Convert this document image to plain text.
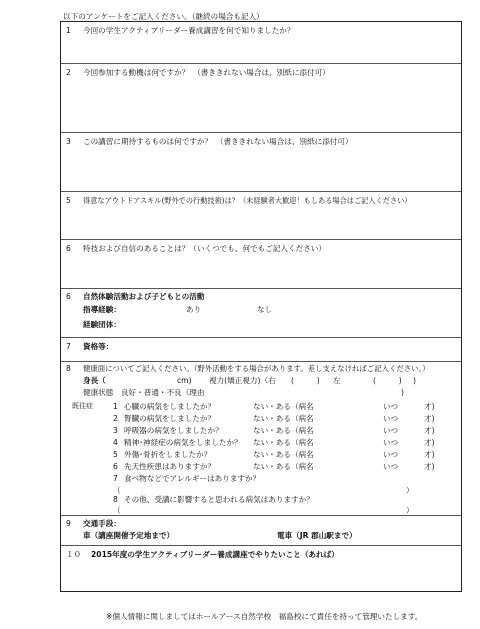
以下のアンケートをご記入ください。（継続の場合も記入）
1 今回の学生アクティブリーダー養成講習を何で知りましたか？
2 今回参加する動機は何ですか？　（書ききれない場合は、別紙に添付可）
3 この講習に期待するものは何ですか？　（書ききれない場合は、別紙に添付可）
5 得意なアウトドアスキル(野外での行動技術)は？（未経験者大歓迎！もしある場合はご記入ください）
6 特技および自信のあることは？（いくつでも、何でもご記入ください）
6 自然体験活動および子どもとの活動
指導経験：	あり	なし
経験団体：
7 資格等：
8 健康面についてご記入ください。（野外活動をする場合があります。差し支えなければご記入ください。）
身長（	cm) 視力(矯正視力)（右 (　　　) 左	(　　　) )
健康状態　良好・普通・不良（理由	)
既往症	1 心臓の病気をしましたか？	ない・ある（病名	いつ	才)
2 腎臓の病気をしましたか？	ない・ある（病名	いつ	才)
3 呼吸器の病気をしましたか？	ない・ある（病名	いつ	才)
4 精神･神経症の病気をしましたか？ ない・ある（病名	いつ	才)
5 外傷･骨折をしましたか？	ない・ある（病名	いつ	才)
6 先天性疾患はありますか？	ない・ある（病名	いつ	才)
7 食べ物などでアレルギーはありますか？
（	）
8 その他、受講に影響すると思われる病気はありますか？
（	）
9 交通手段：
車（講座開催予定地まで）	電車（JR 郡山駅まで）
１０ 2015年度の学生アクティブリーダー養成講座でやりたいこと（あれば）
※個人情報に関しましてはホールアース自然学校　福島校にて責任を持って管理いたします。
